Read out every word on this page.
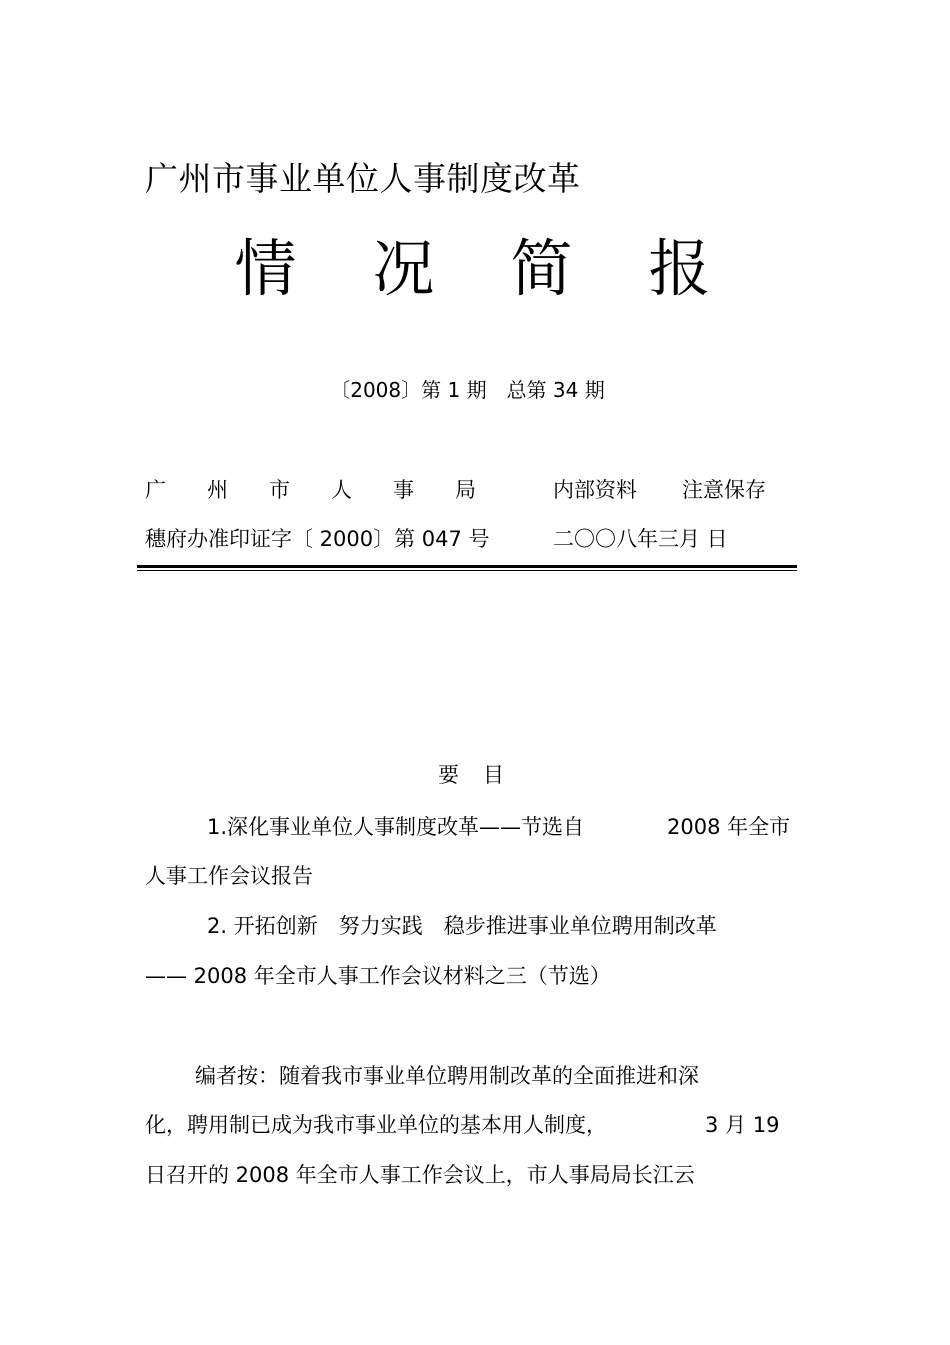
广州市事业单位人事制度改革
情 况 简 报
〔2008〕第 1 期　总第 34 期
广 州 市 人 事 局	内部资料 注意保存
穗府办准印证字〔 2000〕第 047 号	二〇〇八年三月 日
要目
1.深化事业单位人事制度改革——节选自	2008 年全市
人事工作会议报告
2. 开拓创新　努力实践　稳步推进事业单位聘用制改革
—— 2008 年全市人事工作会议材料之三（节选）
编者按：随着我市事业单位聘用制改革的全面推进和深
化，聘用制已成为我市事业单位的基本用人制度，	3 月 19
日召开的 2008 年全市人事工作会议上，市人事局局长江云
